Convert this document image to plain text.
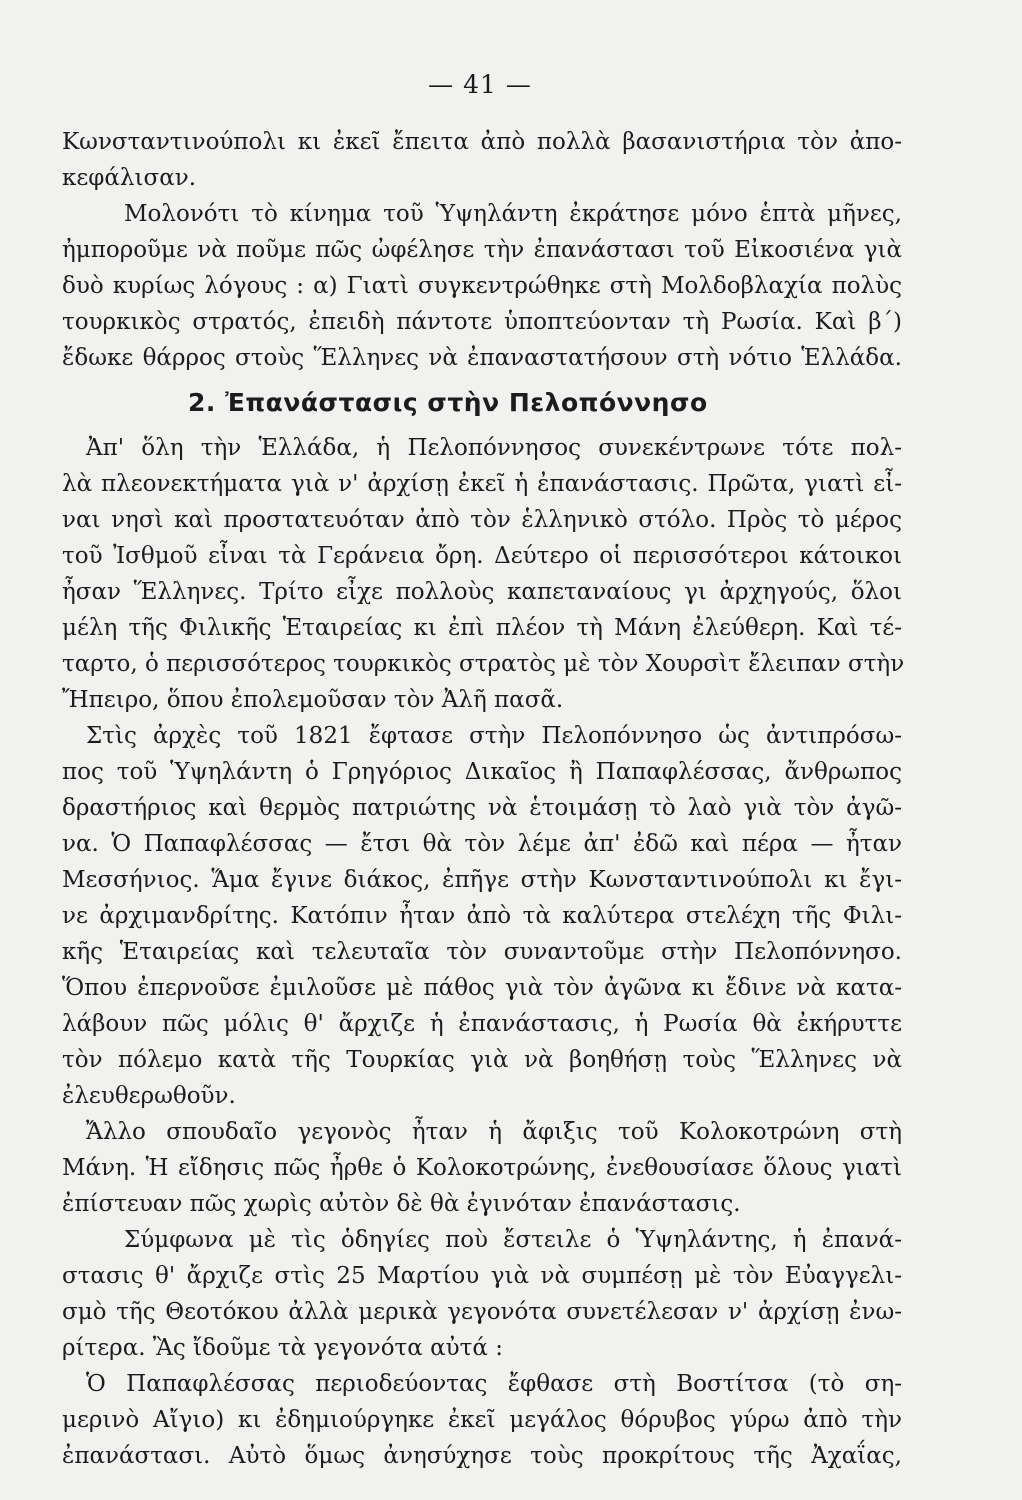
— 41 —
Κωνσταντινούπολι κι ἐκεῖ ἔπειτα ἀπὸ πολλὰ βασανιστήρια τὸν ἀπο-
κεφάλισαν.
Μολονότι τὸ κίνημα τοῦ Ὑψηλάντη ἐκράτησε μόνο ἑπτὰ μῆνες,
ἠμποροῦμε νὰ ποῦμε πῶς ὠφέλησε τὴν ἐπανάστασι τοῦ Εἰκοσιένα γιὰ
δυὸ κυρίως λόγους : α) Γιατὶ συγκεντρώθηκε στὴ Μολδοβλαχία πολὺς
τουρκικὸς στρατός, ἐπειδὴ πάντοτε ὑποπτεύονταν τὴ Ρωσία. Καὶ β΄)
ἔδωκε θάρρος στοὺς Ἕλληνες νὰ ἐπαναστατήσουν στὴ νότιο Ἑλλάδα.
2. Ἐπανάστασις στὴν Πελοπόννησο
Ἀπ' ὅλη τὴν Ἑλλάδα, ἡ Πελοπόννησος συνεκέντρωνε τότε πολ-
λὰ πλεονεκτήματα γιὰ ν' ἀρχίσῃ ἐκεῖ ἡ ἐπανάστασις. Πρῶτα, γιατὶ εἶ-
ναι νησὶ καὶ προστατευόταν ἀπὸ τὸν ἑλληνικὸ στόλο. Πρὸς τὸ μέρος
τοῦ Ἰσθμοῦ εἶναι τὰ Γεράνεια ὄρη. Δεύτερο οἱ περισσότεροι κάτοικοι
ἦσαν Ἕλληνες. Τρίτο εἶχε πολλοὺς καπεταναίους γι ἀρχηγούς, ὅλοι
μέλη τῆς Φιλικῆς Ἑταιρείας κι ἐπὶ πλέον τὴ Μάνη ἐλεύθερη. Καὶ τέ-
ταρτο, ὁ περισσότερος τουρκικὸς στρατὸς μὲ τὸν Χουρσὶτ ἔλειπαν στὴν
Ἤπειρο, ὅπου ἐπολεμοῦσαν τὸν Ἀλῆ πασᾶ.
Στὶς ἀρχὲς τοῦ 1821 ἔφτασε στὴν Πελοπόννησο ὡς ἀντιπρόσω-
πος τοῦ Ὑψηλάντη ὁ Γρηγόριος Δικαῖος ἢ Παπαφλέσσας, ἄνθρωπος
δραστήριος καὶ θερμὸς πατριώτης νὰ ἑτοιμάσῃ τὸ λαὸ γιὰ τὸν ἀγῶ-
να. Ὁ Παπαφλέσσας — ἔτσι θὰ τὸν λέμε ἀπ' ἐδῶ καὶ πέρα — ἦταν
Μεσσήνιος. Ἅμα ἔγινε διάκος, ἐπῆγε στὴν Κωνσταντινούπολι κι ἔγι-
νε ἀρχιμανδρίτης. Κατόπιν ἦταν ἀπὸ τὰ καλύτερα στελέχη τῆς Φιλι-
κῆς Ἑταιρείας καὶ τελευταῖα τὸν συναντοῦμε στὴν Πελοπόννησο.
Ὅπου ἐπερνοῦσε ἐμιλοῦσε μὲ πάθος γιὰ τὸν ἀγῶνα κι ἔδινε νὰ κατα-
λάβουν πῶς μόλις θ' ἄρχιζε ἡ ἐπανάστασις, ἡ Ρωσία θὰ ἐκήρυττε
τὸν πόλεμο κατὰ τῆς Τουρκίας γιὰ νὰ βοηθήσῃ τοὺς Ἕλληνες νὰ
ἐλευθερωθοῦν.
Ἄλλο σπουδαῖο γεγονὸς ἦταν ἡ ἄφιξις τοῦ Κολοκοτρώνη στὴ
Μάνη. Ἡ εἴδησις πῶς ἦρθε ὁ Κολοκοτρώνης, ἐνεθουσίασε ὅλους γιατὶ
ἐπίστευαν πῶς χωρὶς αὐτὸν δὲ θὰ ἐγινόταν ἐπανάστασις.
Σύμφωνα μὲ τὶς ὁδηγίες ποὺ ἔστειλε ὁ Ὑψηλάντης, ἡ ἐπανά-
στασις θ' ἄρχιζε στὶς 25 Μαρτίου γιὰ νὰ συμπέσῃ μὲ τὸν Εὐαγγελι-
σμὸ τῆς Θεοτόκου ἀλλὰ μερικὰ γεγονότα συνετέλεσαν ν' ἀρχίσῃ ἐνω-
ρίτερα. Ἂς ἴδοῦμε τὰ γεγονότα αὐτά :
Ὁ Παπαφλέσσας περιοδεύοντας ἔφθασε στὴ Βοστίτσα (τὸ ση-
μερινὸ Αἴγιο) κι ἐδημιούργηκε ἐκεῖ μεγάλος θόρυβος γύρω ἀπὸ τὴν
ἐπανάστασι. Αὐτὸ ὅμως ἀνησύχησε τοὺς προκρίτους τῆς Ἀχαΐας,
